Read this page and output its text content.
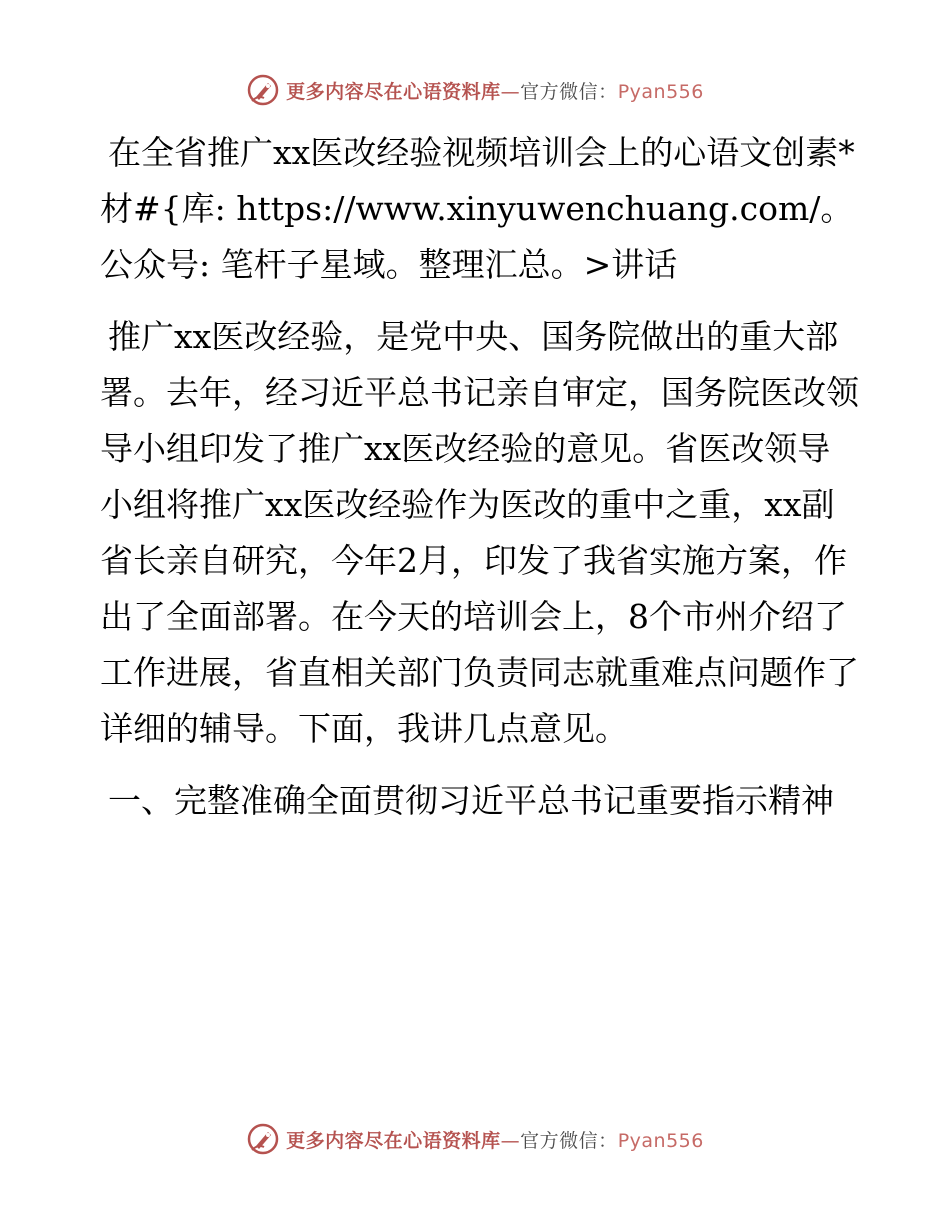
更多内容尽在心语资料库—官方微信：Pyan556

在全省推广xx医改经验视频培训会上的心语文创素*材#{库: https://www.xinyuwenchuang.com/。公众号: 笔杆子星域。整理汇总。>讲话

推广xx医改经验，是党中央、国务院做出的重大部署。去年，经习近平总书记亲自审定，国务院医改领导小组印发了推广xx医改经验的意见。省医改领导小组将推广xx医改经验作为医改的重中之重，xx副省长亲自研究，今年2月，印发了我省实施方案，作出了全面部署。在今天的培训会上，8个市州介绍了工作进展，省直相关部门负责同志就重难点问题作了详细的辅导。下面，我讲几点意见。

一、完整准确全面贯彻习近平总书记重要指示精神

更多内容尽在心语资料库—官方微信：Pyan556
